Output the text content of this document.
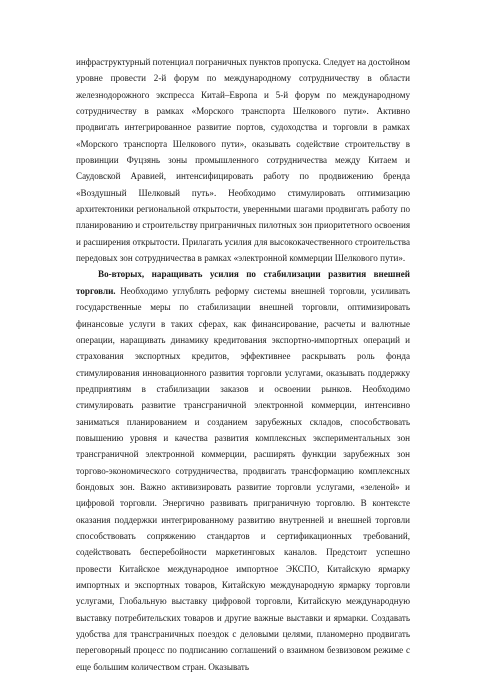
инфраструктурный потенциал пограничных пунктов пропуска. Следует на достойном уровне провести 2-й форум по международному сотрудничеству в области железнодорожного экспресса Китай–Европа и 5-й форум по международному сотрудничеству в рамках «Морского транспорта Шелкового пути». Активно продвигать интегрированное развитие портов, судоходства и торговли в рамках «Морского транспорта Шелкового пути», оказывать содействие строительству в провинции Фуцзянь зоны промышленного сотрудничества между Китаем и Саудовской Аравией, интенсифицировать работу по продвижению бренда «Воздушный Шелковый путь». Необходимо стимулировать оптимизацию архитектоники региональной открытости, уверенными шагами продвигать работу по планированию и строительству приграничных пилотных зон приоритетного освоения и расширения открытости. Прилагать усилия для высококачественного строительства передовых зон сотрудничества в рамках «электронной коммерции Шелкового пути».

Во-вторых, наращивать усилия по стабилизации развития внешней торговли. Необходимо углублять реформу системы внешней торговли, усиливать государственные меры по стабилизации внешней торговли, оптимизировать финансовые услуги в таких сферах, как финансирование, расчеты и валютные операции, наращивать динамику кредитования экспортно-импортных операций и страхования экспортных кредитов, эффективнее раскрывать роль фонда стимулирования инновационного развития торговли услугами, оказывать поддержку предприятиям в стабилизации заказов и освоении рынков. Необходимо стимулировать развитие трансграничной электронной коммерции, интенсивно заниматься планированием и созданием зарубежных складов, способствовать повышению уровня и качества развития комплексных экспериментальных зон трансграничной электронной коммерции, расширять функции зарубежных зон торгово-экономического сотрудничества, продвигать трансформацию комплексных бондовых зон. Важно активизировать развитие торговли услугами, «зеленой» и цифровой торговли. Энергично развивать приграничную торговлю. В контексте оказания поддержки интегрированному развитию внутренней и внешней торговли способствовать сопряжению стандартов и сертификационных требований, содействовать бесперебойности маркетинговых каналов. Предстоит успешно провести Китайское международное импортное ЭКСПО, Китайскую ярмарку импортных и экспортных товаров, Китайскую международную ярмарку торговли услугами, Глобальную выставку цифровой торговли, Китайскую международную выставку потребительских товаров и другие важные выставки и ярмарки. Создавать удобства для трансграничных поездок с деловыми целями, планомерно продвигать переговорный процесс по подписанию соглашений о взаимном безвизовом режиме с еще большим количеством стран. Оказывать
